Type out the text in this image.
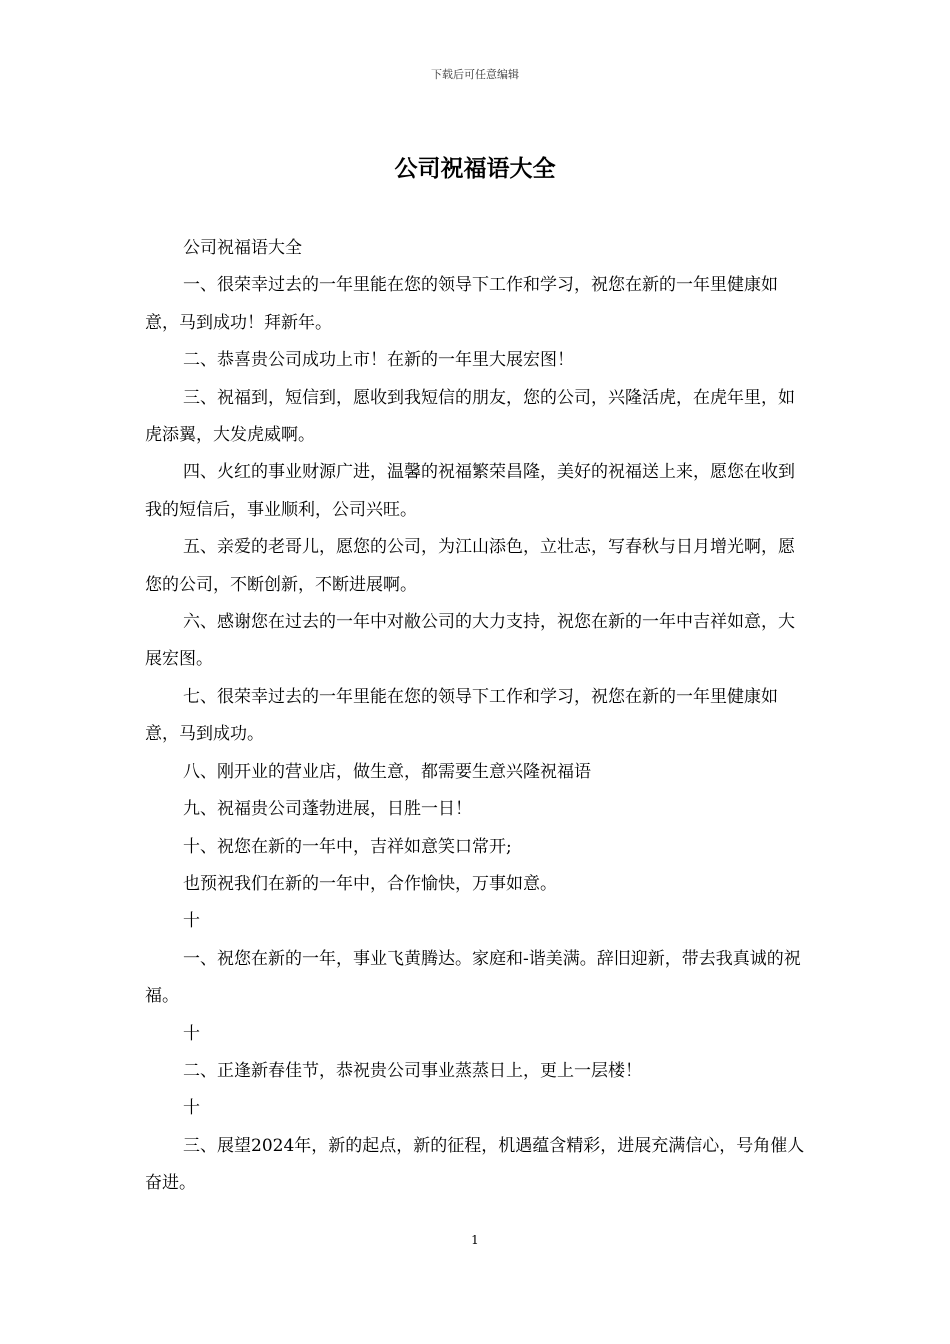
下载后可任意编辑
公司祝福语大全

公司祝福语大全

一、很荣幸过去的一年里能在您的领导下工作和学习，祝您在新的一年里健康如意，马到成功！拜新年。

二、恭喜贵公司成功上市！在新的一年里大展宏图！

三、祝福到，短信到，愿收到我短信的朋友，您的公司，兴隆活虎，在虎年里，如虎添翼，大发虎威啊。

四、火红的事业财源广进，温馨的祝福繁荣昌隆，美好的祝福送上来，愿您在收到我的短信后，事业顺利，公司兴旺。

五、亲爱的老哥儿，愿您的公司，为江山添色，立壮志，写春秋与日月增光啊，愿您的公司，不断创新，不断进展啊。

六、感谢您在过去的一年中对敝公司的大力支持，祝您在新的一年中吉祥如意，大展宏图。

七、很荣幸过去的一年里能在您的领导下工作和学习，祝您在新的一年里健康如意，马到成功。

八、刚开业的营业店，做生意，都需要生意兴隆祝福语

九、祝福贵公司蓬勃进展，日胜一日！

十、祝您在新的一年中，吉祥如意笑口常开;

也预祝我们在新的一年中，合作愉快，万事如意。

十

一、祝您在新的一年，事业飞黄腾达。家庭和-谐美满。辞旧迎新，带去我真诚的祝福。

十

二、正逢新春佳节，恭祝贵公司事业蒸蒸日上，更上一层楼！

十

三、展望2024年，新的起点，新的征程，机遇蕴含精彩，进展充满信心，号角催人奋进。

1
